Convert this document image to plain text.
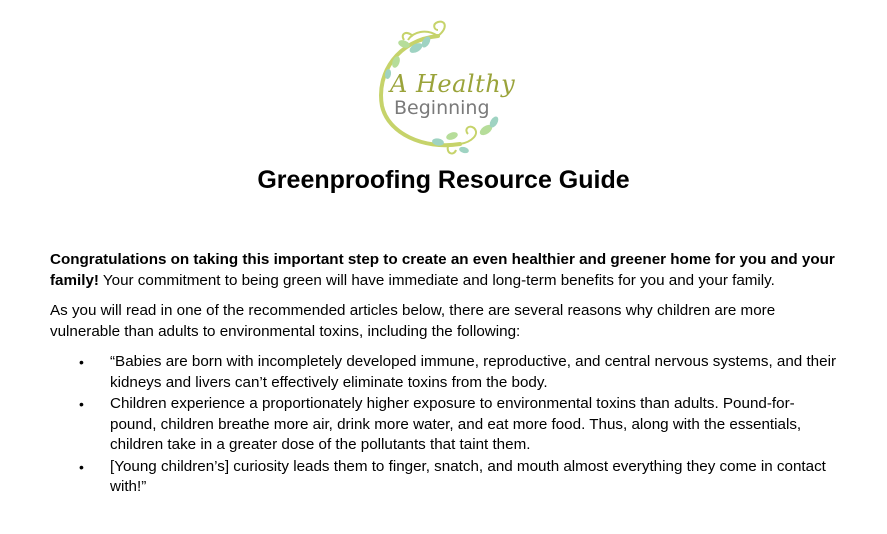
A Healthy
Beginning
Greenproofing Resource Guide

Congratulations on taking this important step to create an even healthier and greener home for you and your family! Your commitment to being green will have immediate and long-term benefits for you and your family.

As you will read in one of the recommended articles below, there are several reasons why children are more vulnerable than adults to environmental toxins, including the following:

• “Babies are born with incompletely developed immune, reproductive, and central nervous systems, and their kidneys and livers can’t effectively eliminate toxins from the body.
• Children experience a proportionately higher exposure to environmental toxins than adults. Pound-for-pound, children breathe more air, drink more water, and eat more food. Thus, along with the essentials, children take in a greater dose of the pollutants that taint them.
• [Young children’s] curiosity leads them to finger, snatch, and mouth almost everything they come in contact with!”
